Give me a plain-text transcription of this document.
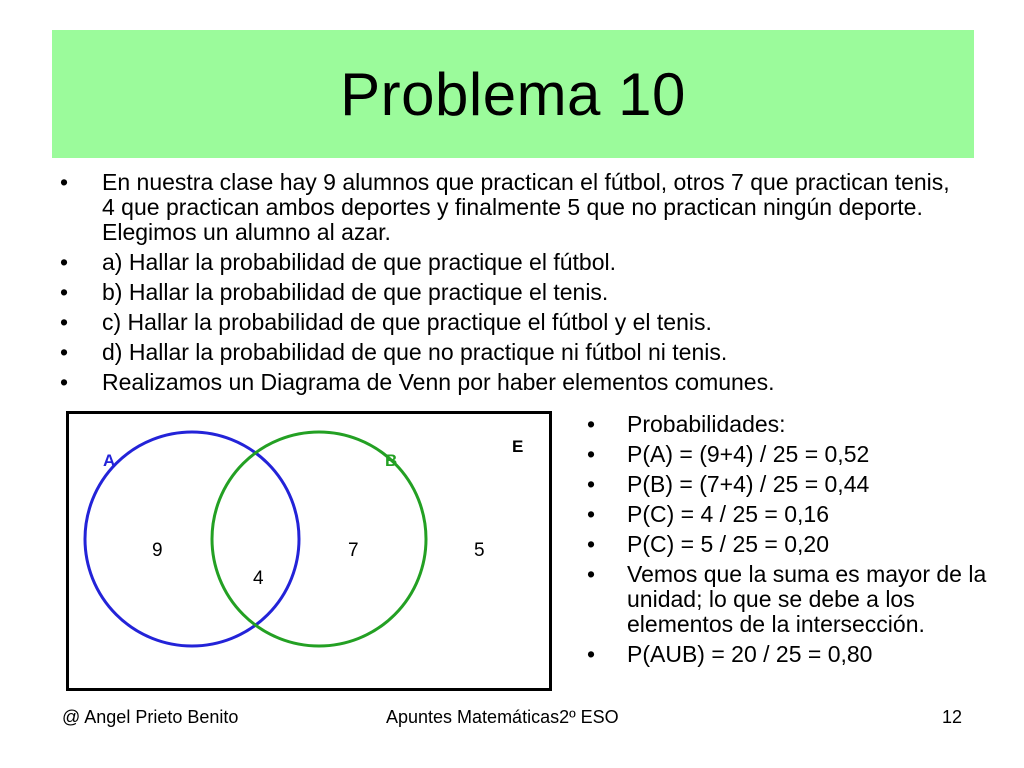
Problema 10
• En nuestra clase hay 9 alumnos que practican el fútbol, otros 7 que practican tenis, 4 que practican ambos deportes y finalmente 5 que no practican ningún deporte. Elegimos un alumno al azar.
• a) Hallar la probabilidad de que practique el fútbol.
• b) Hallar la probabilidad de que practique el tenis.
• c) Hallar la probabilidad de que practique el fútbol y el tenis.
• d) Hallar la probabilidad de que no practique ni fútbol ni tenis.
• Realizamos un Diagrama de Venn por haber elementos comunes.
A	B
E
9
4
7	5
• Probabilidades:
• P(A) = (9+4) / 25 = 0,52
• P(B) = (7+4) / 25 = 0,44
• P(C) = 4 / 25 = 0,16
• P(C) = 5 / 25 = 0,20
• Vemos que la suma es mayor de la unidad; lo que se debe a los elementos de la intersección.
• P(AUB) = 20 / 25 = 0,80
@ Angel Prieto Benito	Apuntes Matemáticas2º ESO	12
